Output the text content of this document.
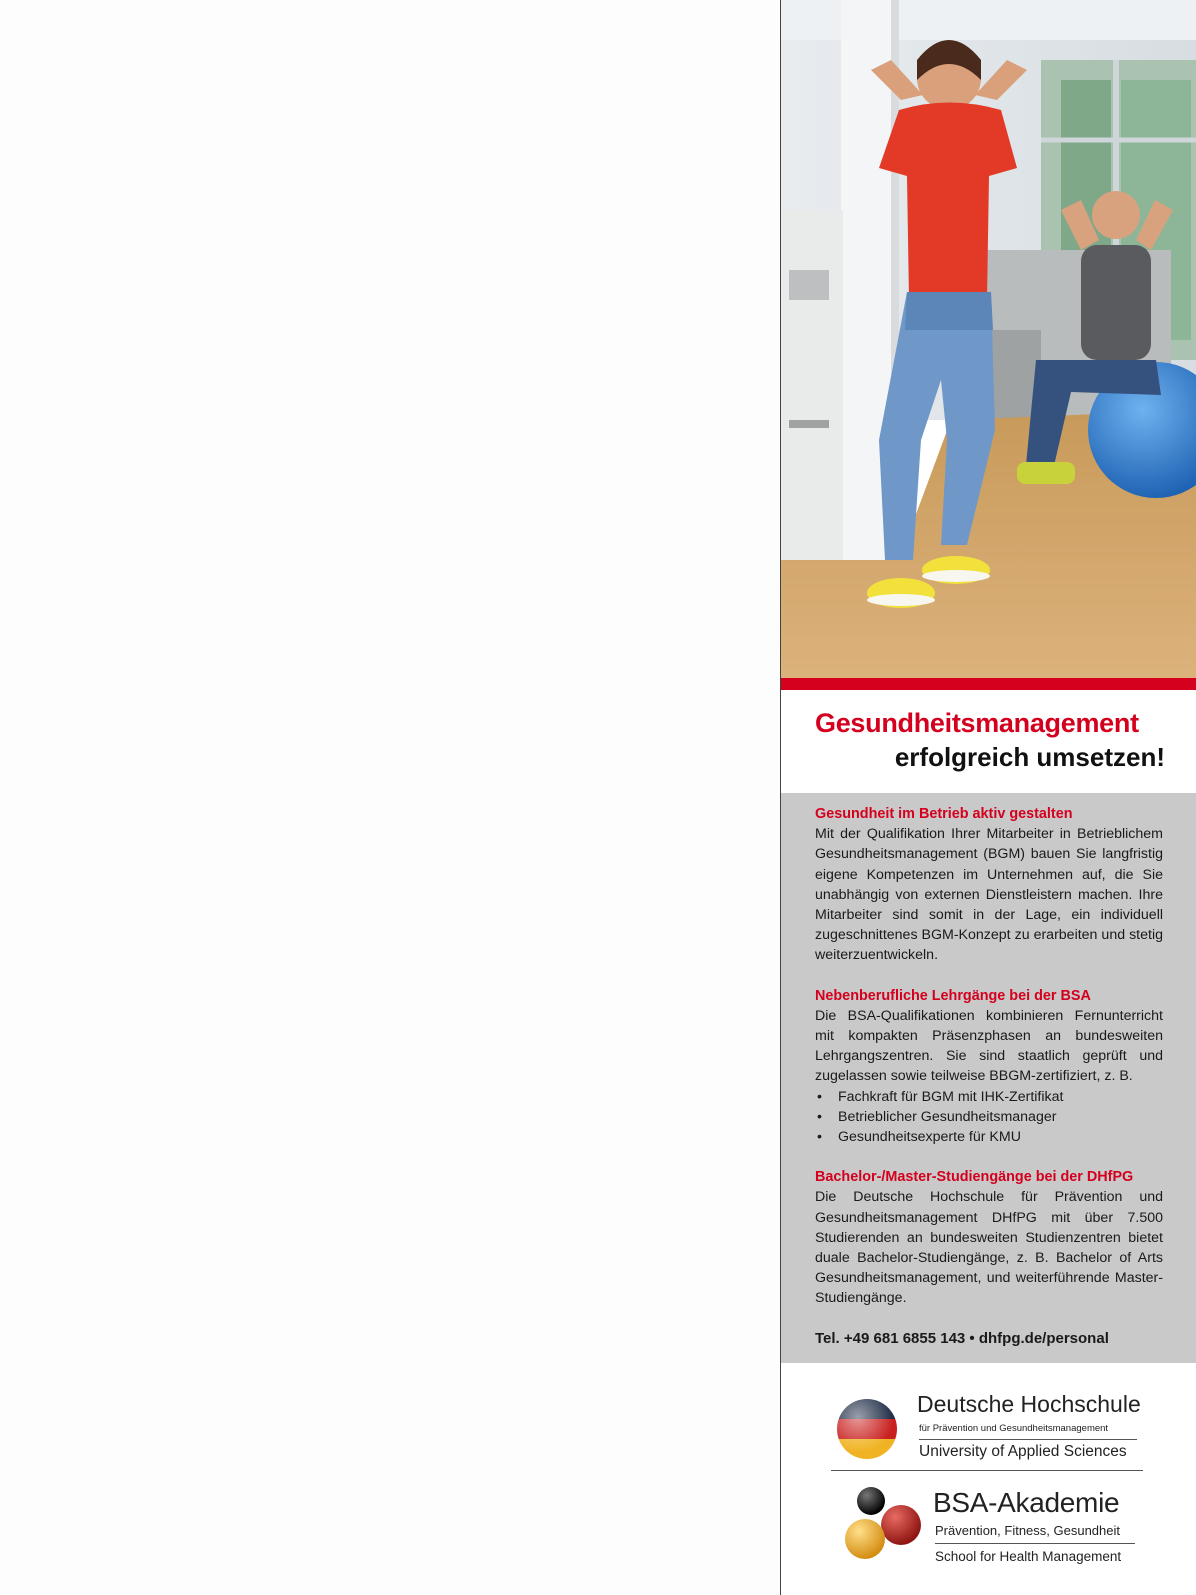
Gesundheitsmanagement
erfolgreich umsetzen!
Gesundheit im Betrieb aktiv gestalten
Mit der Qualifikation Ihrer Mitarbeiter in Betrieblichem Gesundheitsmanagement (BGM) bauen Sie langfristig eigene Kompetenzen im Unternehmen auf, die Sie unabhängig von externen Dienstleistern machen. Ihre Mitarbeiter sind somit in der Lage, ein individuell zugeschnittenes BGM-Konzept zu erarbeiten und stetig weiterzuentwickeln.
Nebenberufliche Lehrgänge bei der BSA
Die BSA-Qualifikationen kombinieren Fernunterricht mit kompakten Präsenzphasen an bundesweiten Lehrgangszentren. Sie sind staatlich geprüft und zugelassen sowie teilweise BBGM-zertifiziert, z. B.
• Fachkraft für BGM mit IHK-Zertifikat
• Betrieblicher Gesundheitsmanager
• Gesundheitsexperte für KMU
Bachelor-/Master-Studiengänge bei der DHfPG
Die Deutsche Hochschule für Prävention und Gesundheitsmanagement DHfPG mit über 7.500 Studierenden an bundesweiten Studienzentren bietet duale Bachelor-Studiengänge, z. B. Bachelor of Arts Gesundheitsmanagement, und weiterführende Master-Studiengänge.
Tel. +49 681 6855 143 • dhfpg.de/personal
Deutsche Hochschule
für Prävention und Gesundheitsmanagement
University of Applied Sciences
BSA-Akademie
Prävention, Fitness, Gesundheit
School for Health Management
